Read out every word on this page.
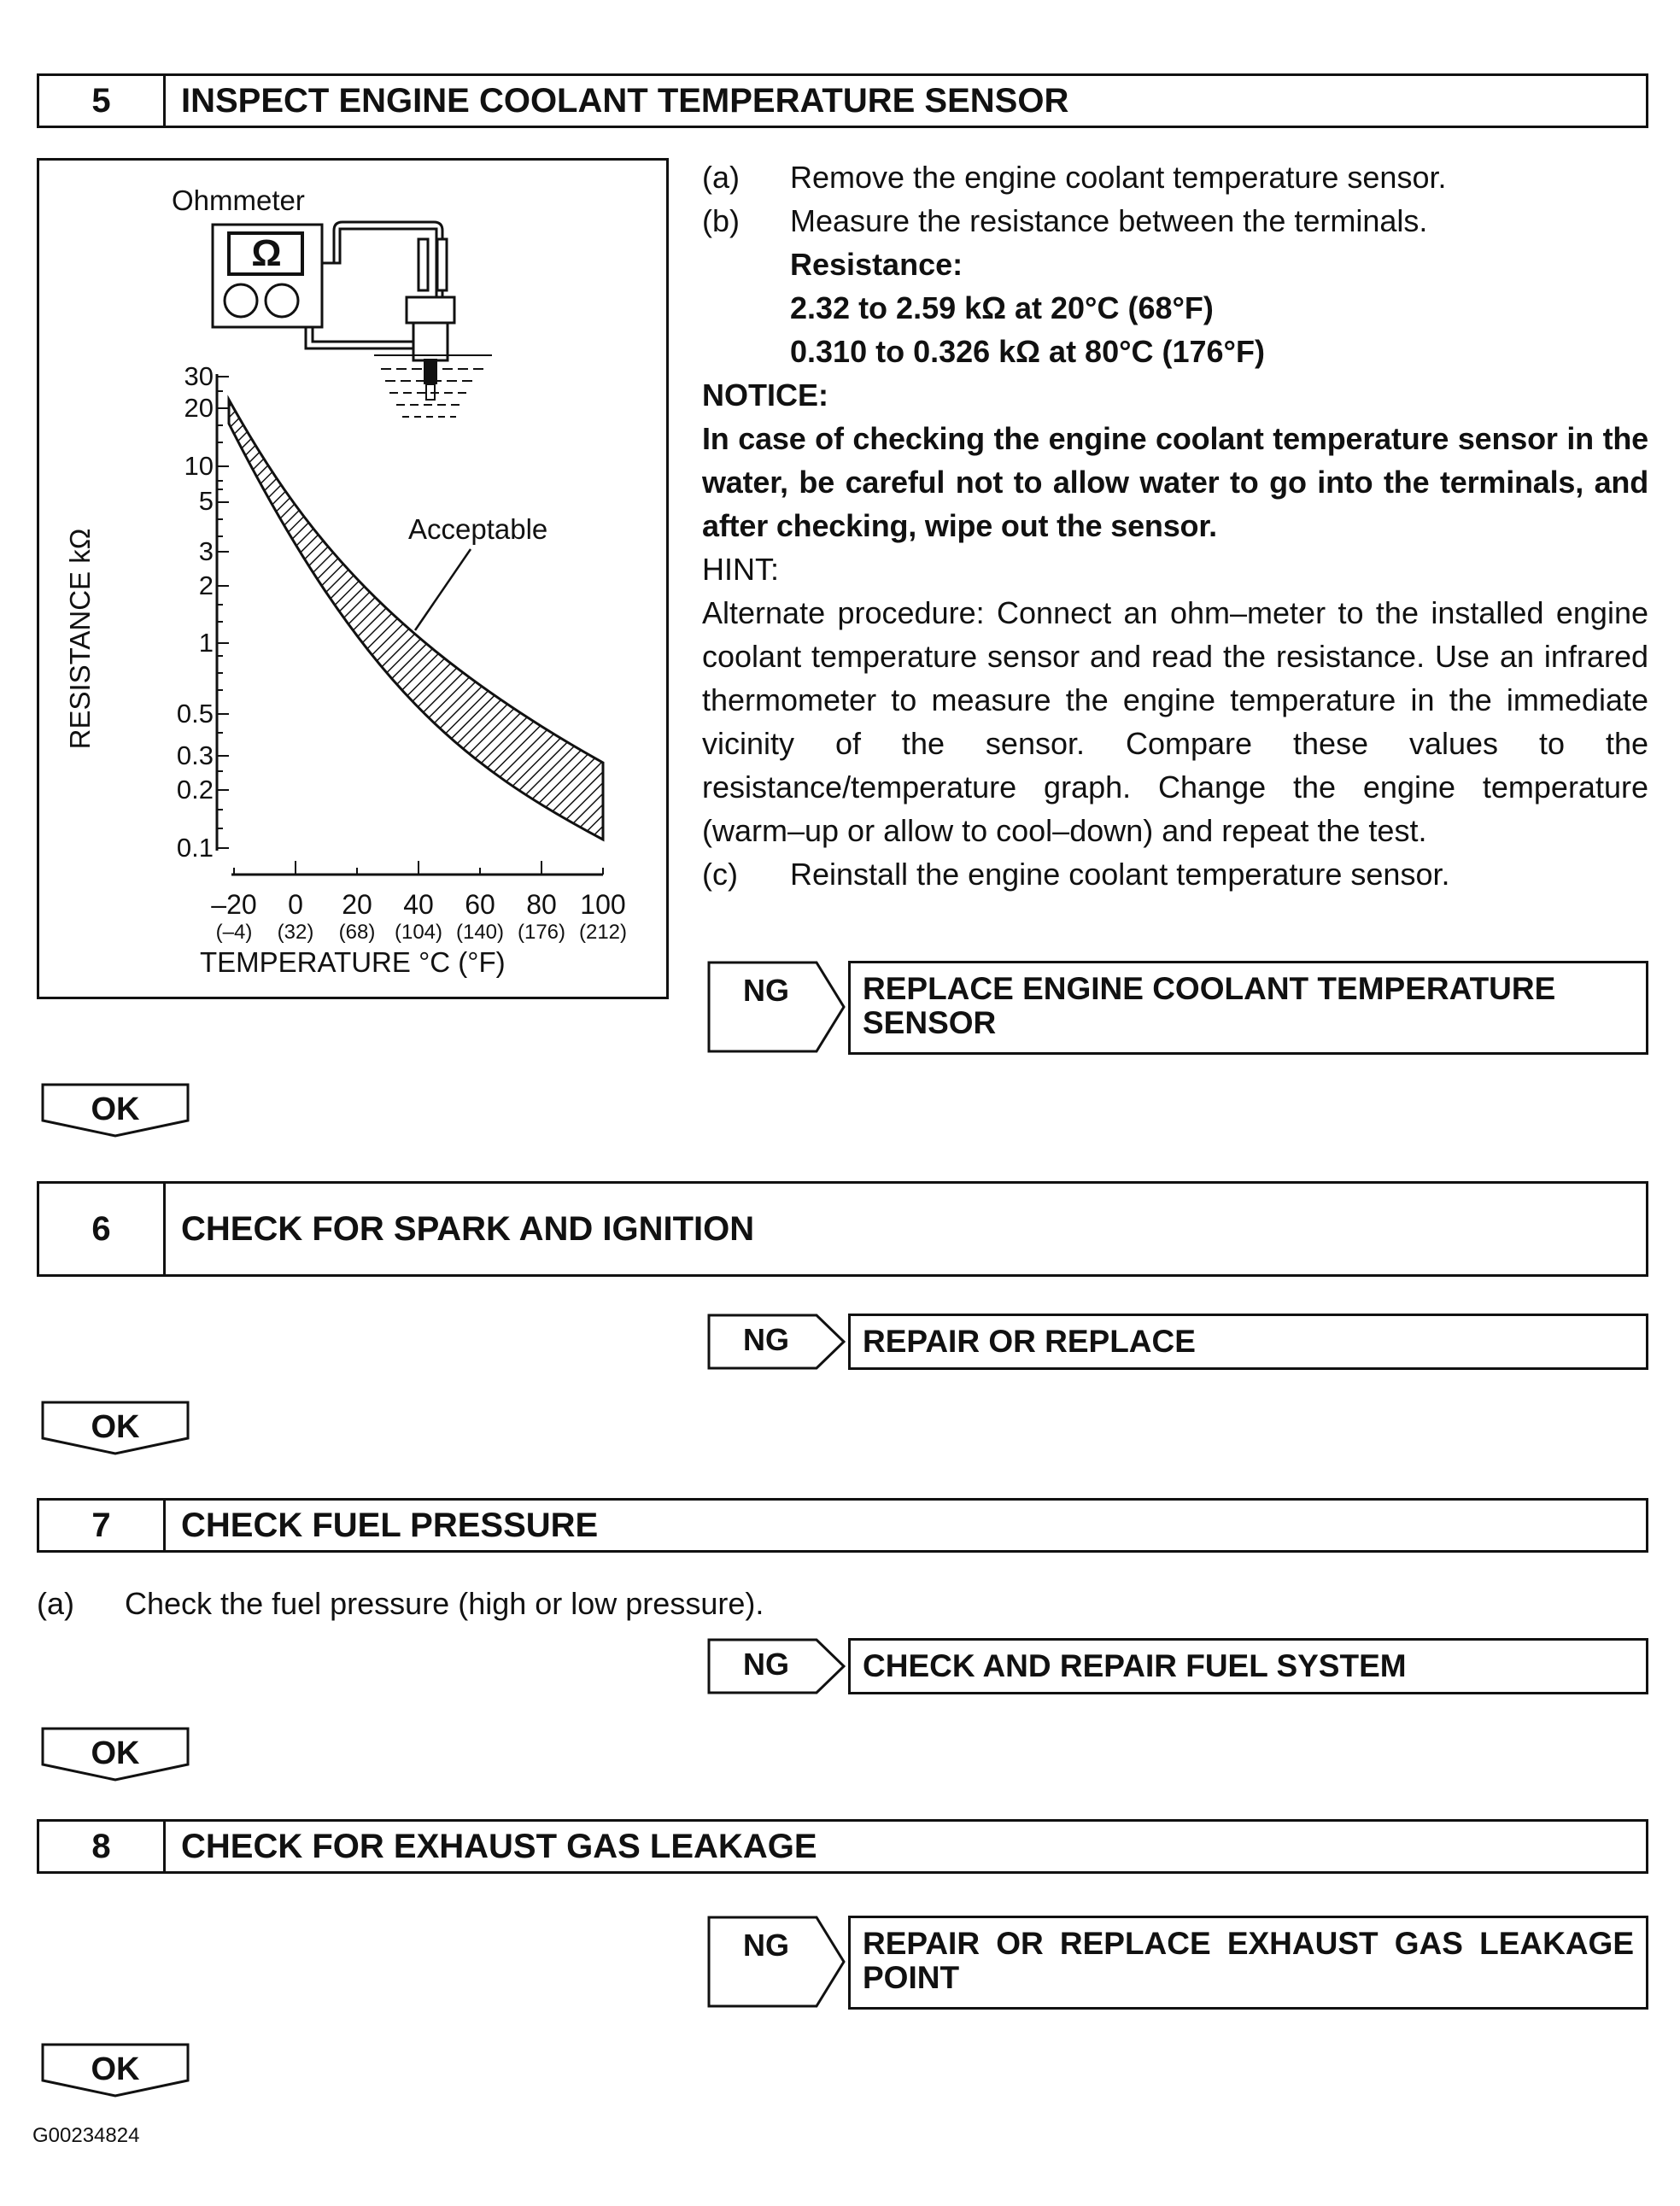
5	INSPECT ENGINE COOLANT TEMPERATURE SENSOR
Ohmmeter
Ω
Acceptable
RESISTANCE kΩ
30
20
10
5
3
2
1
0.5
0.3
0.2
0.1
–20	0	20	40	60	80 100
(–4)	(32)	(68) (104) (140) (176) (212)
TEMPERATURE °C (°F)
(a) Remove the engine coolant temperature sensor.
(b) Measure the resistance between the terminals.
Resistance:
2.32 to 2.59 kΩ at 20°C (68°F)
0.310 to 0.326 kΩ at 80°C (176°F)
NOTICE:
In case of checking the engine coolant temperature sensor in the water, be careful not to allow water to go into the terminals, and after checking, wipe out the sensor.
HINT:
Alternate procedure: Connect an ohm–meter to the installed engine coolant temperature sensor and read the resistance. Use an infrared thermometer to measure the engine temperature in the immediate vicinity of the sensor. Compare these values to the resistance/temperature graph. Change the engine temperature (warm–up or allow to cool–down) and repeat the test.
(c) Reinstall the engine coolant temperature sensor.
NG	REPLACE ENGINE COOLANT TEMPERATURE SENSOR
OK
6	CHECK FOR SPARK AND IGNITION
NG REPAIR OR REPLACE
OK
7	CHECK FUEL PRESSURE
(a) Check the fuel pressure (high or low pressure).
NG CHECK AND REPAIR FUEL SYSTEM
OK
8	CHECK FOR EXHAUST GAS LEAKAGE
NG REPAIR OR REPLACE EXHAUST GAS LEAKAGE POINT
OK
G00234824
